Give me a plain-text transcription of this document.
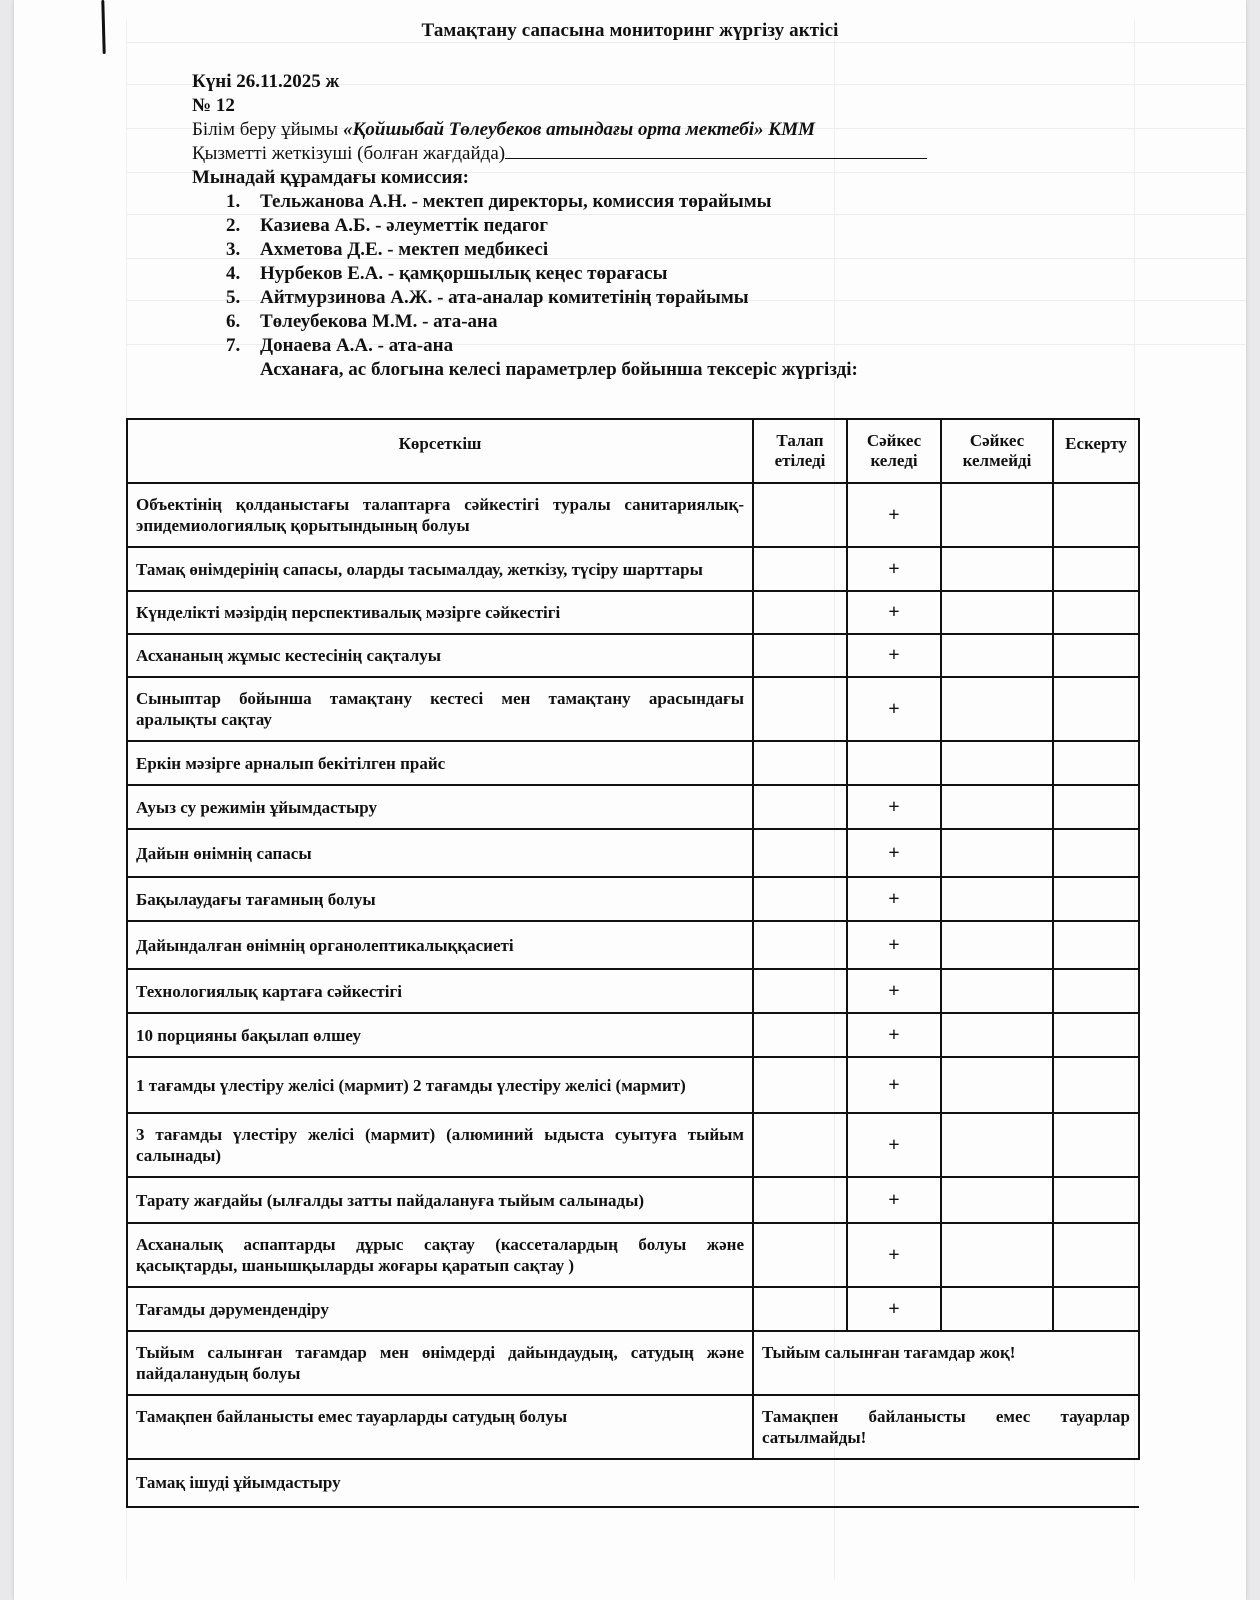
Тамақтану сапасына мониторинг жүргізу актісі
Күні 26.11.2025 ж
№ 12
Білім беру ұйымы «Қойшыбай Төлеубеков атындағы орта мектебі» КММ
Қызметті жеткізуші (болған жағдайда)
Мынадай құрамдағы комиссия:
1.	Тельжанова А.Н. - мектеп директоры, комиссия төрайымы
2.	Казиева А.Б. - әлеуметтік педагог
3.	Ахметова Д.Е. - мектеп медбикесі
4.	Нурбеков Е.А. - қамқоршылық кеңес төрағасы
5.	Айтмурзинова А.Ж. - ата-аналар комитетінің төрайымы
6.	Төлеубекова М.М. - ата-ана
7.	Донаева А.А. - ата-ана
Асханаға, ас блогына келесі параметрлер бойынша тексеріс жүргізді:
Көрсеткіш	Талап етіледі	Сәйкес келеді	Сәйкес келмейді	Ескерту
Объектінің қолданыстағы талаптарға сәйкестігі туралы санитариялық-эпидемиологиялық қорытындының болуы		+		
Тамақ өнімдерінің сапасы, оларды тасымалдау, жеткізу, түсіру шарттары		+		
Күнделікті мәзірдің перспективалық мәзірге сәйкестігі		+		
Асхананың жұмыс кестесінің сақталуы		+		
Сыныптар бойынша тамақтану кестесі мен тамақтану арасындағы аралықты сақтау		+		
Еркін мәзірге арналып бекітілген прайс				
Ауыз су режимін ұйымдастыру		+		
Дайын өнімнің сапасы		+		
Бақылаудағы тағамның болуы		+		
Дайындалған өнімнің органолептикалыққасиеті		+		
Технологиялық картаға сәйкестігі		+		
10 порцияны бақылап өлшеу		+		
1 тағамды үлестіру желісі (мармит) 2 тағамды үлестіру желісі (мармит)		+		
3 тағамды үлестіру желісі (мармит) (алюминий ыдыста суытуға тыйым салынады)		+		
Тарату жағдайы (ылғалды затты пайдалануға тыйым салынады)		+		
Асханалық аспаптарды дұрыс сақтау (кассеталардың болуы және қасықтарды, шанышқыларды жоғары қаратып сақтау )		+		
Тағамды дәрумендендіру		+		
Тыйым салынған тағамдар мен өнімдерді дайындаудың, сатудың және пайдаланудың болуы	Тыйым салынған тағамдар жоқ!			
Тамақпен байланысты емес тауарларды сатудың болуы	Тамақпен байланысты емес тауарлар сатылмайды!			
Тамақ ішуді ұйымдастыру				
